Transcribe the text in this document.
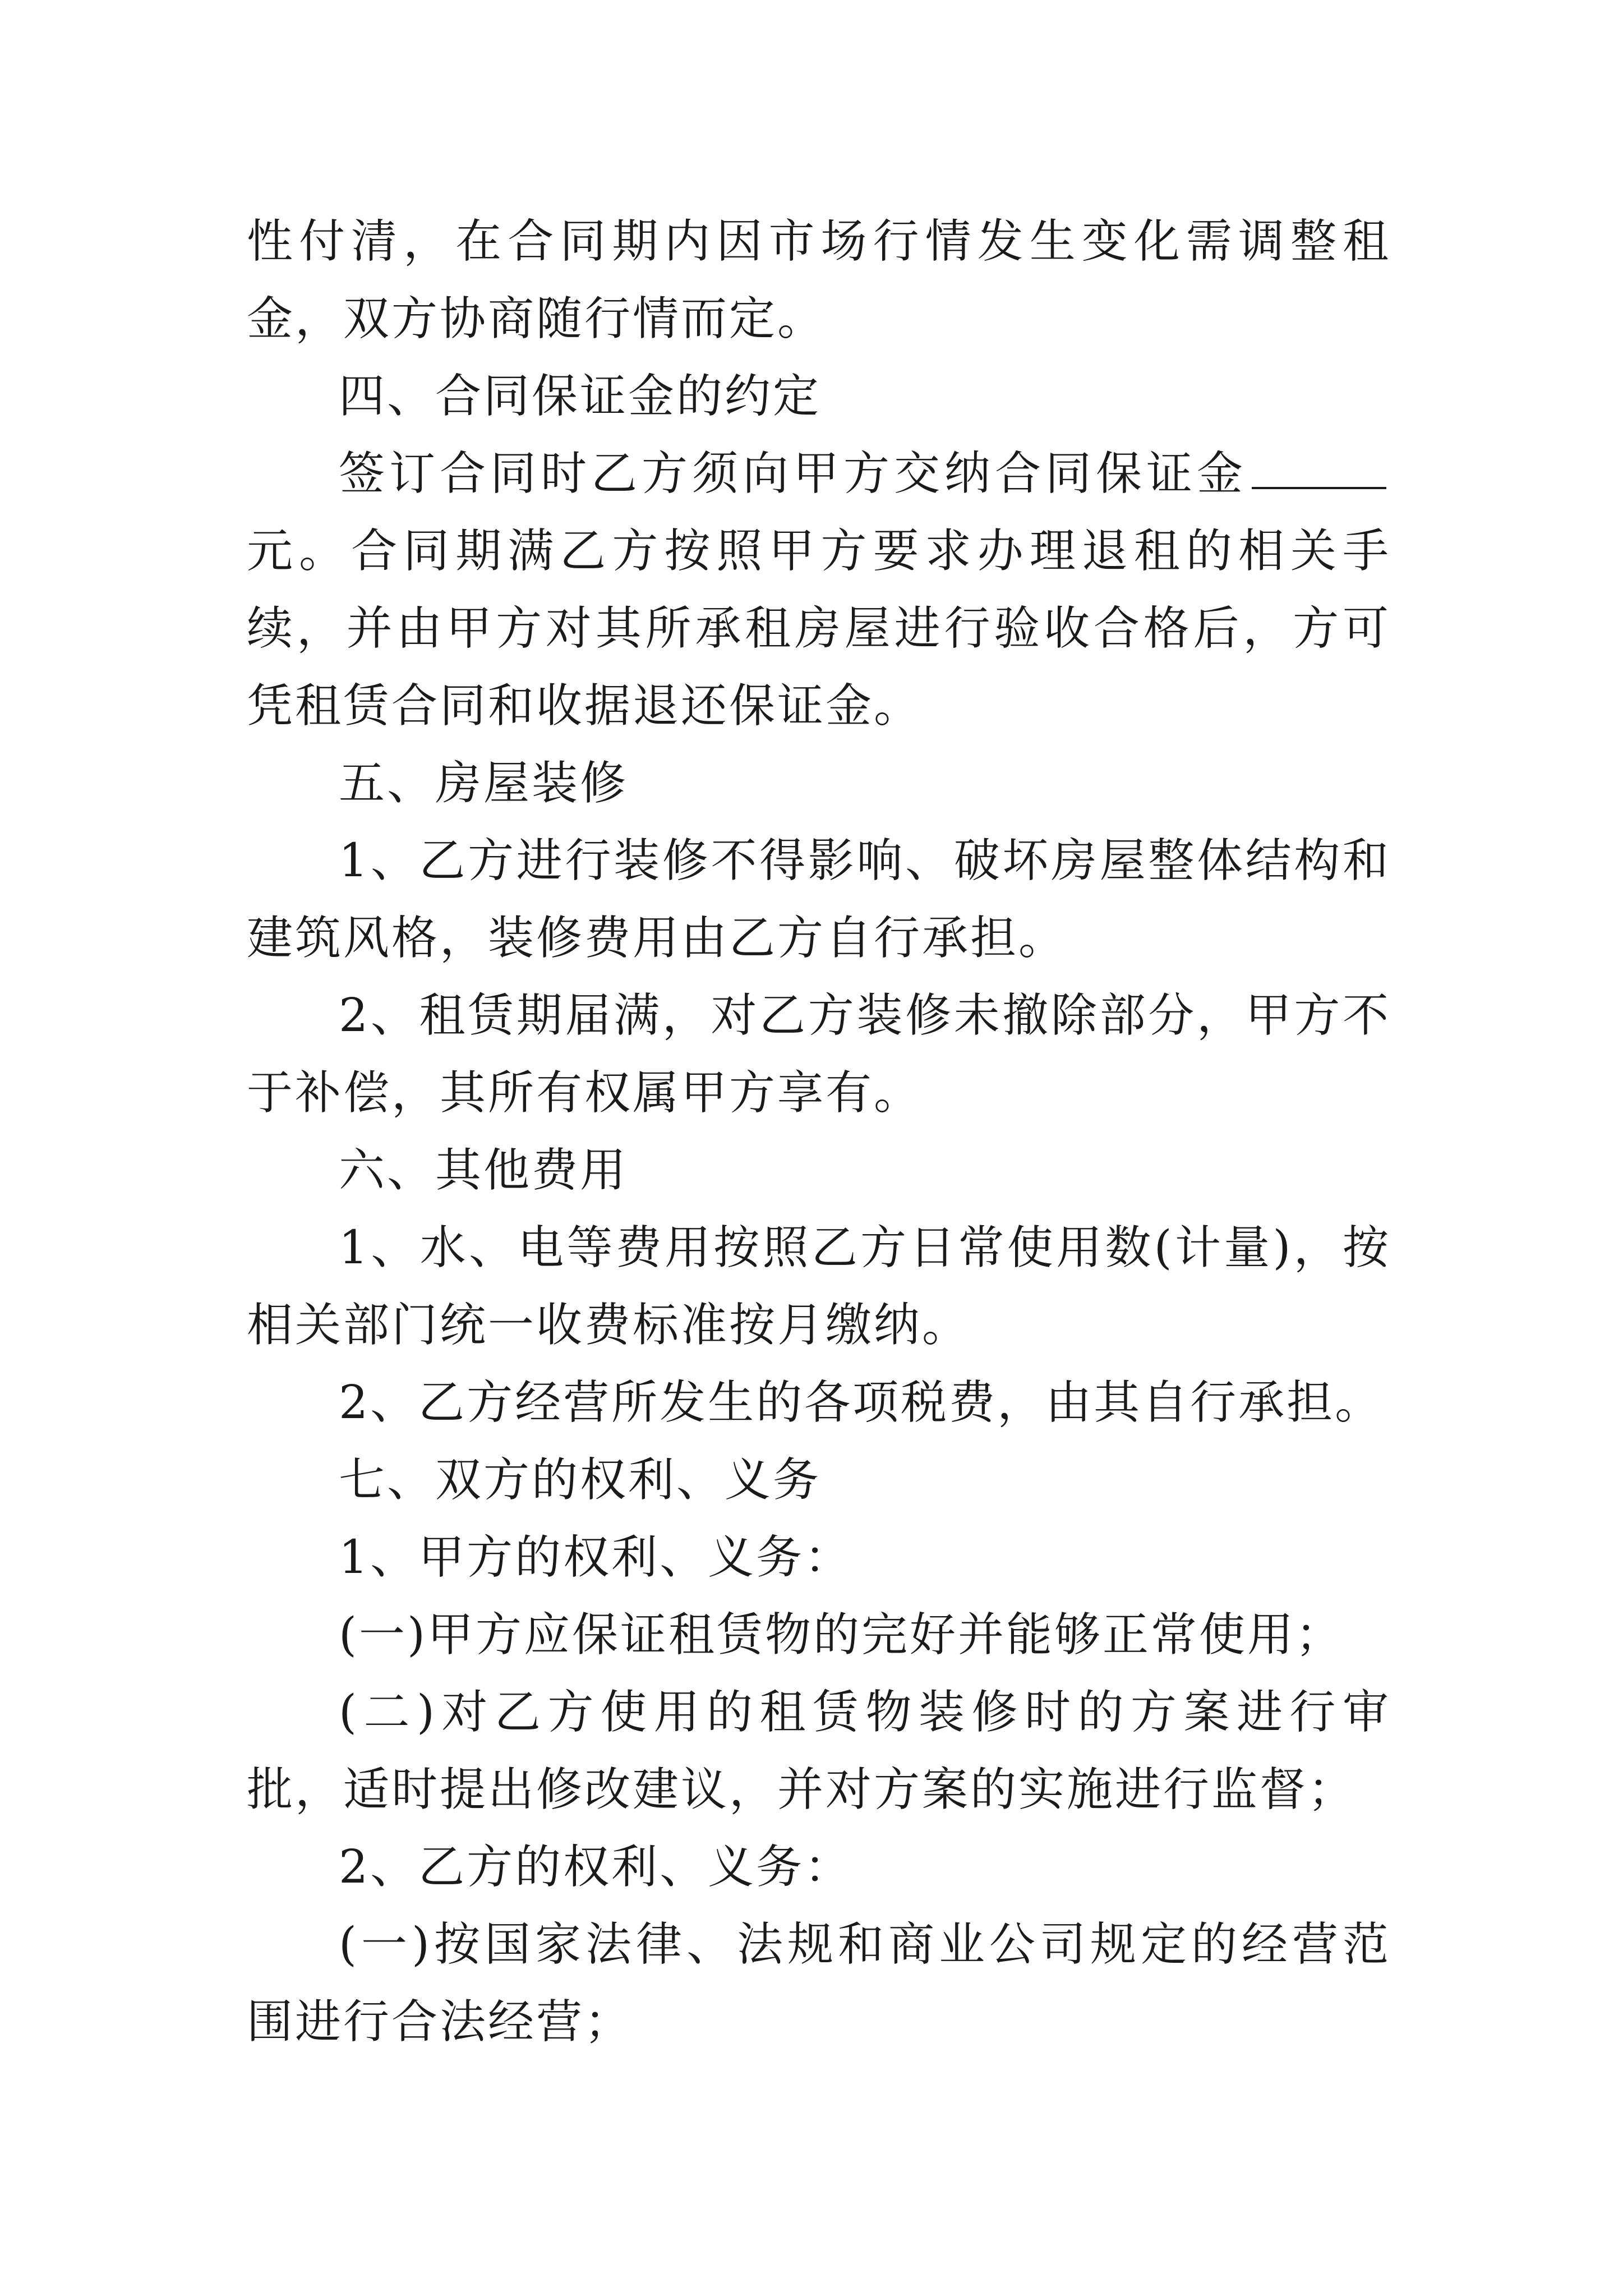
性付清，在合同期内因市场行情发生变化需调整租金，双方协商随行情而定。

四、合同保证金的约定

签订合同时乙方须向甲方交纳合同保证金元。合同期满乙方按照甲方要求办理退租的相关手续，并由甲方对其所承租房屋进行验收合格后，方可凭租赁合同和收据退还保证金。

五、房屋装修

1、乙方进行装修不得影响、破坏房屋整体结构和建筑风格，装修费用由乙方自行承担。

2、租赁期届满，对乙方装修未撤除部分，甲方不于补偿，其所有权属甲方享有。

六、其他费用

1、水、电等费用按照乙方日常使用数(计量)，按相关部门统一收费标准按月缴纳。

2、乙方经营所发生的各项税费，由其自行承担。

七、双方的权利、义务

1、甲方的权利、义务：

(一)甲方应保证租赁物的完好并能够正常使用；

(二)对乙方使用的租赁物装修时的方案进行审批，适时提出修改建议，并对方案的实施进行监督；

2、乙方的权利、义务：

(一)按国家法律、法规和商业公司规定的经营范围进行合法经营；
